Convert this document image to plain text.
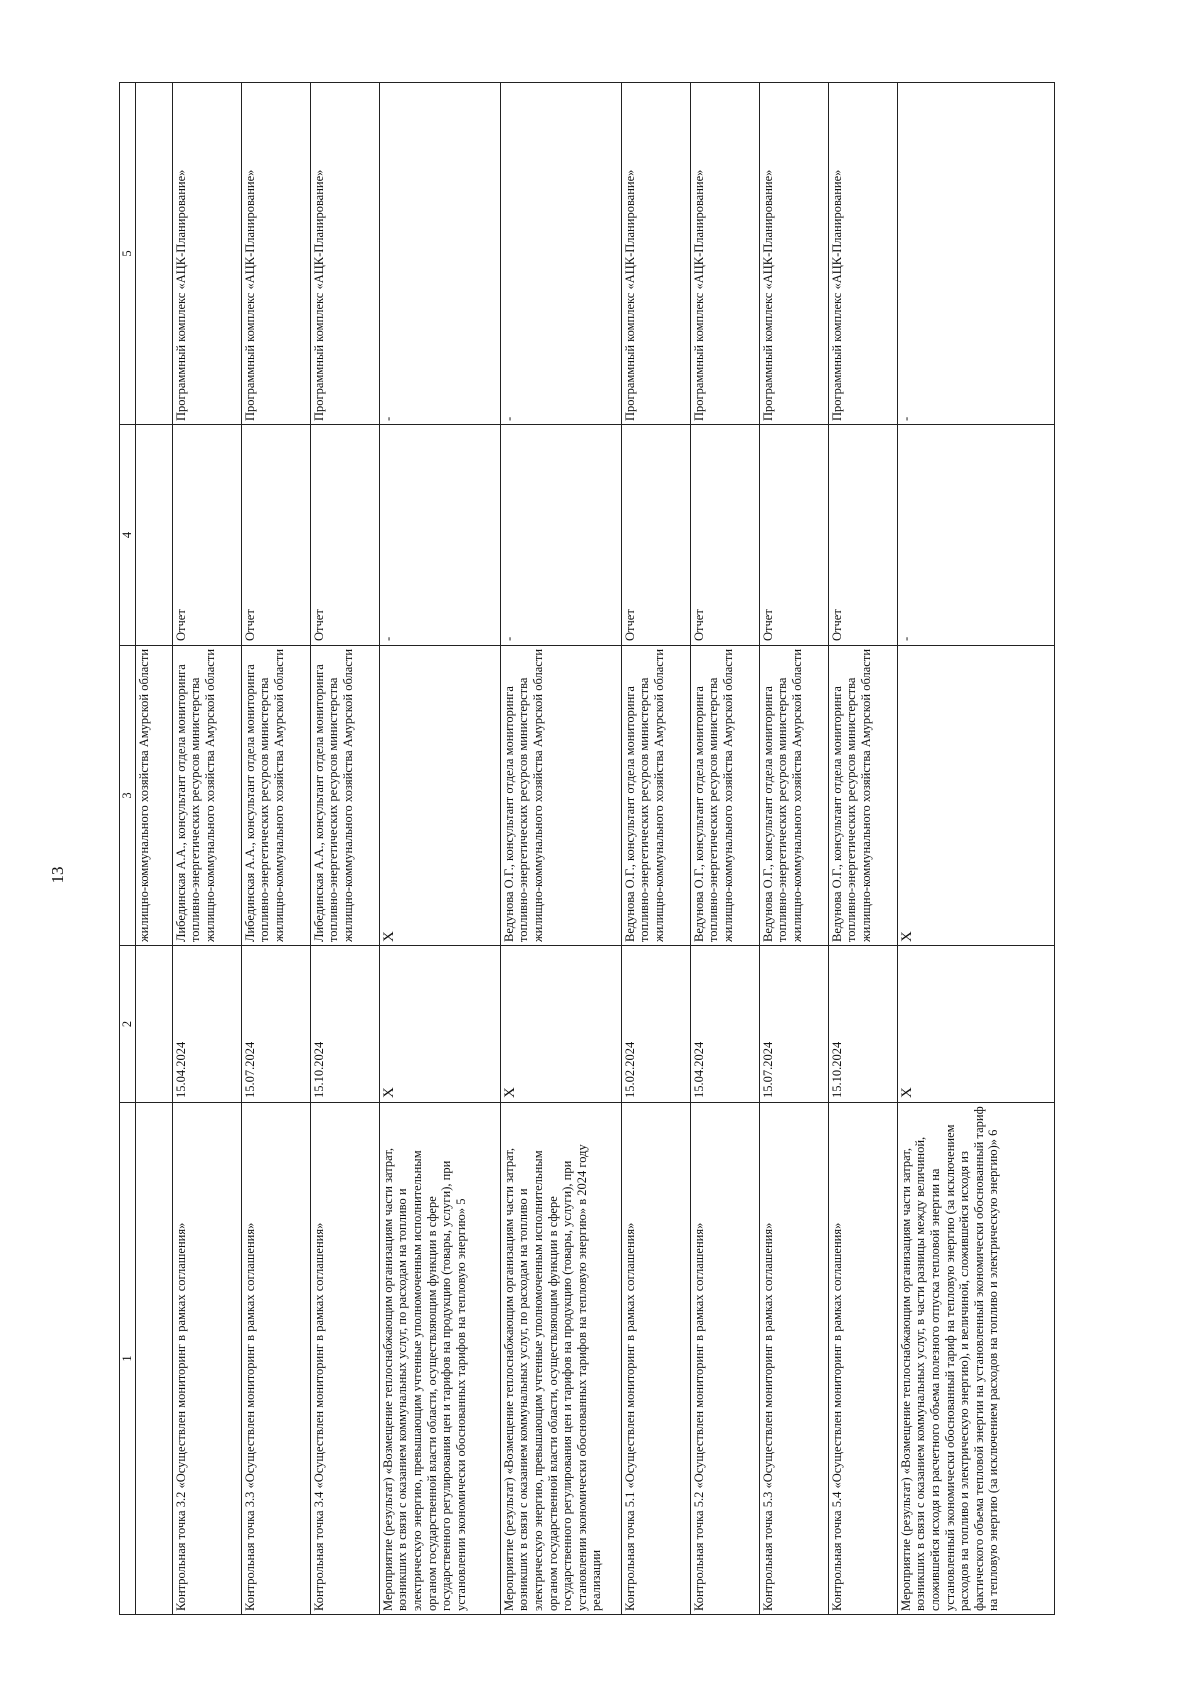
13
1	2	3	4	5
		жилищно-коммунального хозяйства Амурской области		
Контрольная точка 3.2 «Осуществлен мониторинг в рамках соглашения»	15.04.2024	Либединская А.А., консультант отдела мониторинга топливно-энергетических ресурсов министерства жилищно-коммунального хозяйства Амурской области	Отчет	Программный комплекс «АЦК-Планирование»
Контрольная точка 3.3 «Осуществлен мониторинг в рамках соглашения»	15.07.2024	Либединская А.А., консультант отдела мониторинга топливно-энергетических ресурсов министерства жилищно-коммунального хозяйства Амурской области	Отчет	Программный комплекс «АЦК-Планирование»
Контрольная точка 3.4 «Осуществлен мониторинг в рамках соглашения»	15.10.2024	Либединская А.А., консультант отдела мониторинга топливно-энергетических ресурсов министерства жилищно-коммунального хозяйства Амурской области	Отчет	Программный комплекс «АЦК-Планирование»
Мероприятие (результат) «Возмещение теплоснабжающим организациям части затрат, возникших в связи с оказанием коммунальных услуг, по расходам на топливо и электрическую энергию, превышающим учтенные уполномоченным исполнительным органом государственной власти области, осуществляющим функции в сфере государственного регулирования цен и тарифов на продукцию (товары, услуги), при установлении экономически обоснованных тарифов на тепловую энергию» 5	X	X	-	-
Мероприятие (результат) «Возмещение теплоснабжающим организациям части затрат, возникших в связи с оказанием коммунальных услуг, по расходам на топливо и электрическую энергию, превышающим учтенные уполномоченным исполнительным органом государственной власти области, осуществляющим функции в сфере государственного регулирования цен и тарифов на продукцию (товары, услуги), при установлении экономически обоснованных тарифов на тепловую энергию» в 2024 году реализации	X	Ведунова О.Г., консультант отдела мониторинга топливно-энергетических ресурсов министерства жилищно-коммунального хозяйства Амурской области	-	-
Контрольная точка 5.1 «Осуществлен мониторинг в рамках соглашения»	15.02.2024	Ведунова О.Г., консультант отдела мониторинга топливно-энергетических ресурсов министерства жилищно-коммунального хозяйства Амурской области	Отчет	Программный комплекс «АЦК-Планирование»
Контрольная точка 5.2 «Осуществлен мониторинг в рамках соглашения»	15.04.2024	Ведунова О.Г., консультант отдела мониторинга топливно-энергетических ресурсов министерства жилищно-коммунального хозяйства Амурской области	Отчет	Программный комплекс «АЦК-Планирование»
Контрольная точка 5.3 «Осуществлен мониторинг в рамках соглашения»	15.07.2024	Ведунова О.Г., консультант отдела мониторинга топливно-энергетических ресурсов министерства жилищно-коммунального хозяйства Амурской области	Отчет	Программный комплекс «АЦК-Планирование»
Контрольная точка 5.4 «Осуществлен мониторинг в рамках соглашения»	15.10.2024	Ведунова О.Г., консультант отдела мониторинга топливно-энергетических ресурсов министерства жилищно-коммунального хозяйства Амурской области	Отчет	Программный комплекс «АЦК-Планирование»
Мероприятие (результат) «Возмещение теплоснабжающим организациям части затрат, возникших в связи с оказанием коммунальных услуг, в части разницы между величиной, сложившейся исходя из расчетного объема полезного отпуска тепловой энергии на установленный экономически обоснованный тариф на тепловую энергию (за исключением расходов на топливо и электрическую энергию), и величиной, сложившейся исходя из фактического объема тепловой энергии на установленный экономически обоснованный тариф на тепловую энергию (за исключением расходов на топливо и электрическую энергию)» 6	X	X	-	-
